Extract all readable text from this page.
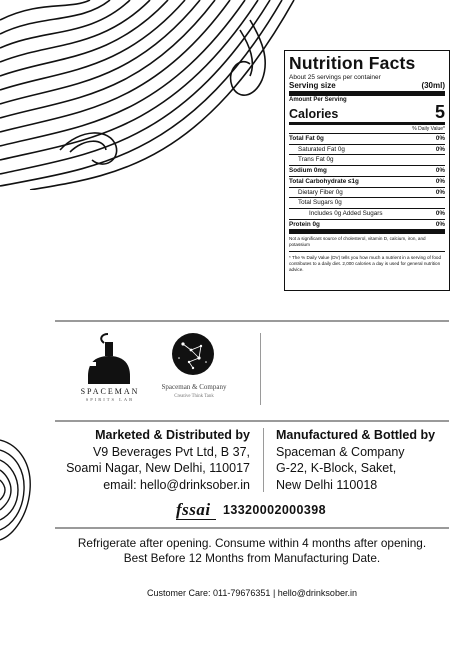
Nutrition Facts
About 25 servings per container
Serving size	(30ml)
Amount Per Serving
Calories	5
% Daily Value*
Total Fat 0g	0%
Saturated Fat 0g	0%
Trans Fat 0g
Sodium 0mg	0%
Total Carbohydrate ≤1g	0%
Dietary Fiber 0g	0%
Total Sugars 0g
Includes 0g Added Sugars	0%
Protein 0g	0%
Not a significant source of cholesterol, vitamin D, calcium, iron, and potassium
* The % Daily Value (DV) tells you how much a nutrient in a serving of food contributes to a daily diet. 2,000 calories a day is used for general nutrition advice.
SPACEMAN
SPIRITS LAB
Spaceman & Company
Creative Think Tank
Marketed & Distributed by
V9 Beverages Pvt Ltd, B 37,
Soami Nagar, New Delhi, 110017
email: hello@drinksober.in
Manufactured & Bottled by
Spaceman & Company
G-22, K-Block, Saket,
New Delhi 110018
fssai 13320002000398
Refrigerate after opening. Consume within 4 months after opening.
Best Before 12 Months from Manufacturing Date.
Customer Care: 011-79676351 | hello@drinksober.in
